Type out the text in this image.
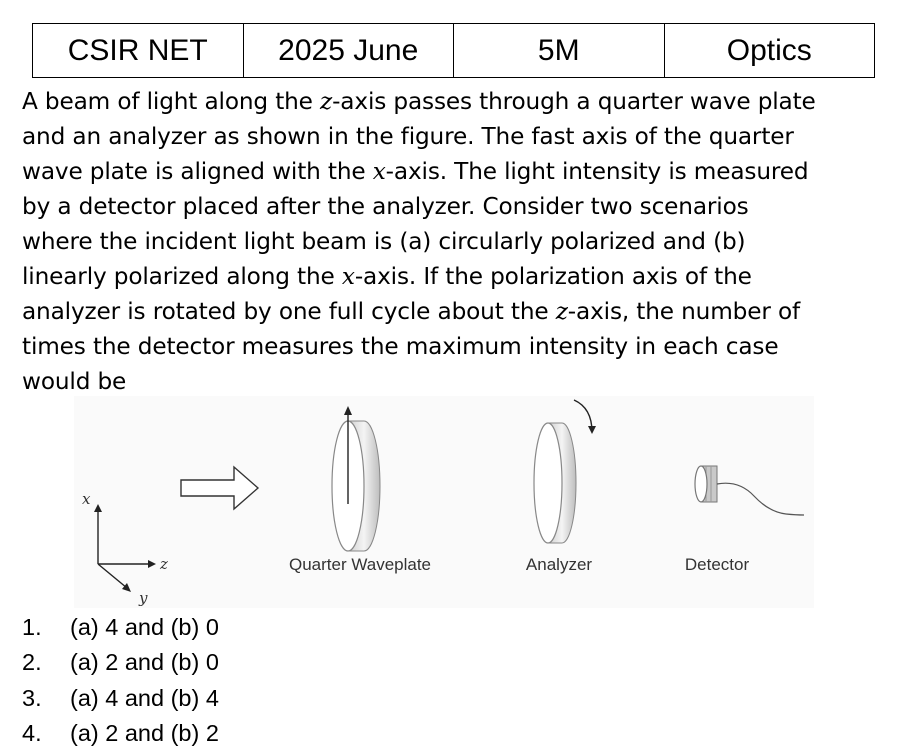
CSIR NET	2025 June	5M	Optics

A beam of light along the z-axis passes through a quarter wave plate
and an analyzer as shown in the figure. The fast axis of the quarter
wave plate is aligned with the x-axis. The light intensity is measured
by a detector placed after the analyzer. Consider two scenarios
where the incident light beam is (a) circularly polarized and (b)
linearly polarized along the x-axis. If the polarization axis of the
analyzer is rotated by one full cycle about the z-axis, the number of
times the detector measures the maximum intensity in each case
would be

x
z
y
Quarter Waveplate	Analyzer	Detector
1. (a) 4 and (b) 0
2. (a) 2 and (b) 0
3. (a) 4 and (b) 4
4. (a) 2 and (b) 2
